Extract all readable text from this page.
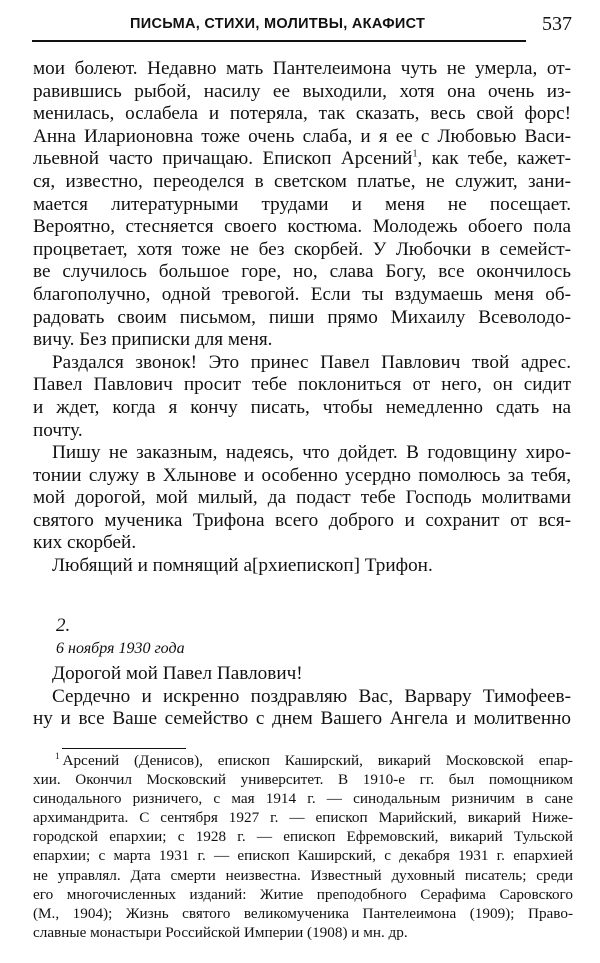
ПИСЬМА, СТИХИ, МОЛИТВЫ, АКАФИСТ	537
мои болеют. Недавно мать Пантелеимона чуть не умерла, от-
равившись рыбой, насилу ее выходили, хотя она очень из-
менилась, ослабела и потеряла, так сказать, весь свой форс!
Анна Иларионовна тоже очень слаба, и я ее с Любовью Васи-
льевной часто причащаю. Епископ Арсений$^1$, как тебе, кажет-
ся, известно, переоделся в светском платье, не служит, зани-
мается литературными трудами и меня не посещает.
Вероятно, стесняется своего костюма. Молодежь обоего пола
процветает, хотя тоже не без скорбей. У Любочки в семейст-
ве случилось большое горе, но, слава Богу, все окончилось
благополучно, одной тревогой. Если ты вздумаешь меня об-
радовать своим письмом, пиши прямо Михаилу Всеволодо-
вичу. Без приписки для меня.
Раздался звонок! Это принес Павел Павлович твой адрес.
Павел Павлович просит тебе поклониться от него, он сидит
и ждет, когда я кончу писать, чтобы немедленно сдать на
почту.
Пишу не заказным, надеясь, что дойдет. В годовщину хиро-
тонии служу в Хлынове и особенно усердно помолюсь за тебя,
мой дорогой, мой милый, да подаст тебе Господь молитвами
святого мученика Трифона всего доброго и сохранит от вся-
ких скорбей.
Любящий и помнящий а[рхиепископ] Трифон.
2.
6 ноября 1930 года
Дорогой мой Павел Павлович!
Сердечно и искренно поздравляю Вас, Варвару Тимофеев-
ну и все Ваше семейство с днем Вашего Ангела и молитвенно
$^1$ Арсений (Денисов), епископ Каширский, викарий Московской епар-
хии. Окончил Московский университет. В 1910-е гг. был помощником
синодального ризничего, с мая 1914 г. — синодальным ризничим в сане
архимандрита. С сентября 1927 г. — епископ Марийский, викарий Ниже-
городской епархии; с 1928 г. — епископ Ефремовский, викарий Тульской
епархии; с марта 1931 г. — епископ Каширский, с декабря 1931 г. епархией
не управлял. Дата смерти неизвестна. Известный духовный писатель; среди
его многочисленных изданий: Житие преподобного Серафима Саровского
(М., 1904); Жизнь святого великомученика Пантелеимона (1909); Право-
славные монастыри Российской Империи (1908) и мн. др.
